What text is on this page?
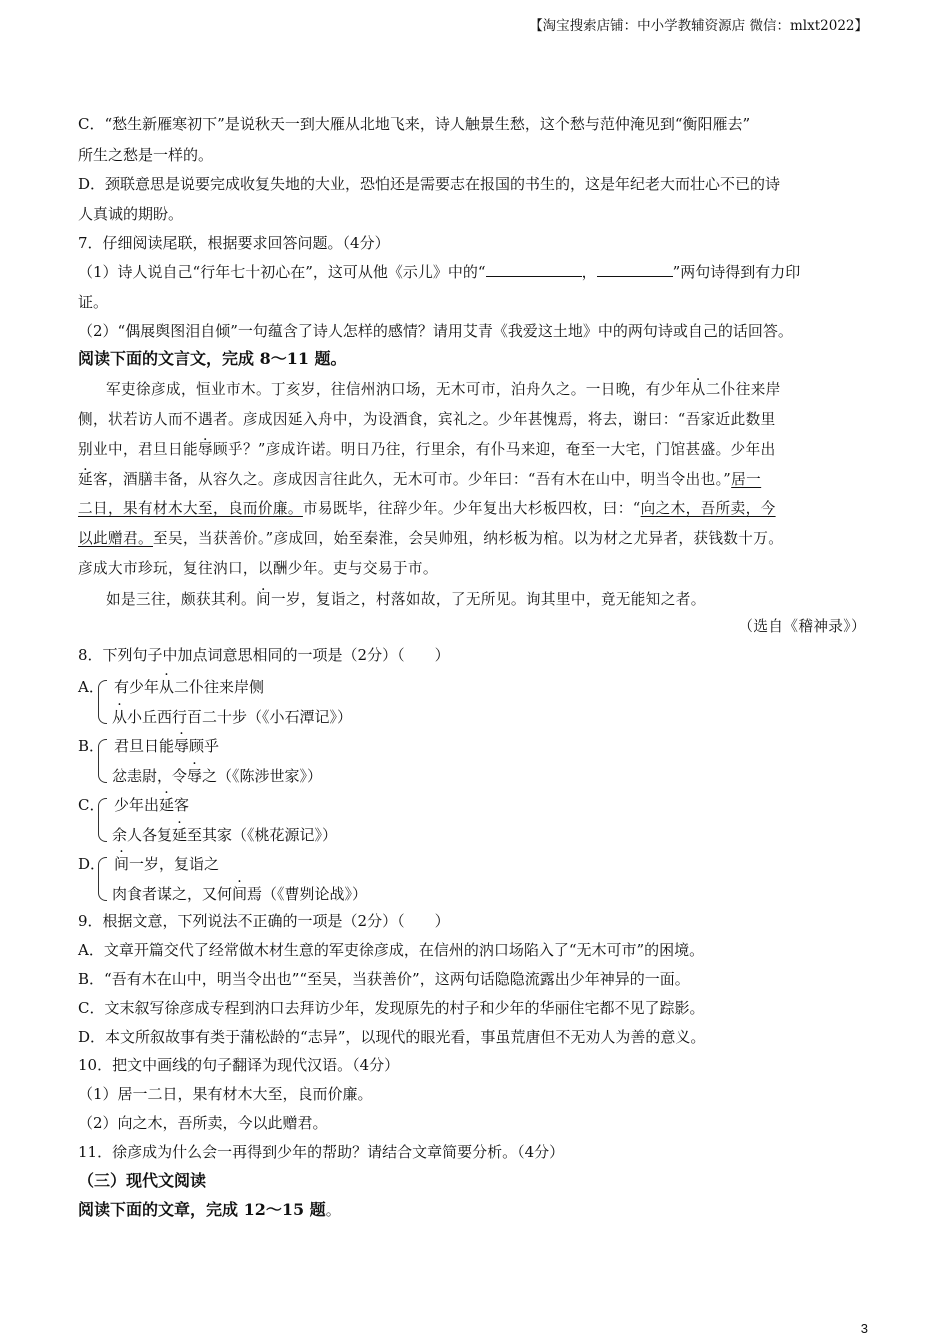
【淘宝搜索店铺：中小学教辅资源店 微信：mlxt2022】
C．“愁生新雁寒初下”是说秋天一到大雁从北地飞来，诗人触景生愁，这个愁与范仲淹见到“衡阳雁去”
所生之愁是一样的。
D．颈联意思是说要完成收复失地的大业，恐怕还是需要志在报国的书生的，这是年纪老大而壮心不已的诗
人真诚的期盼。
7．仔细阅读尾联，根据要求回答问题。（4分）
（1）诗人说自己“行年七十初心在”，这可从他《示儿》中的“	，	”两句诗得到有力印
证。
（2）“偶展舆图泪自倾”一句蕴含了诗人怎样的感情？请用艾青《我爱这土地》中的两句诗或自己的话回答。
阅读下面的文言文，完成 8～11 题。
军吏徐彦成，恒业市木。丁亥岁，往信州汭口场，无木可市，泊舟久之。一日晚，有少年从二仆往来岸
侧，状若访人而不遇者。彦成因延入舟中，为设酒食，宾礼之。少年甚愧焉，将去，谢曰：“吾家近此数里
别业中，君旦日能辱顾乎？”彦成许诺。明日乃往，行里余，有仆马来迎，奄至一大宅，门馆甚盛。少年出
延客，酒膳丰备，从容久之。彦成因言往此久，无木可市。少年曰：“吾有木在山中，明当令出也。”居一
二日，果有材木大至，良而价廉。市易既毕，往辞少年。少年复出大杉板四枚，曰：“向之木，吾所卖，今
以此赠君。至吴，当获善价。”彦成回，始至秦淮，会吴帅殂，纳杉板为棺。以为材之尤异者，获钱数十万。
彦成大市珍玩，复往汭口，以酬少年。吏与交易于市。
如是三往，颇获其利。间一岁，复诣之，村落如故，了无所见。询其里中，竟无能知之者。
（选自《稽神录》）
8．下列句子中加点词意思相同的一项是（2分）（　　）
A． 有少年从二仆往来岸侧
从小丘西行百二十步（《小石潭记》）
B． 君旦日能辱顾乎
忿恚尉，令辱之（《陈涉世家》）
C． 少年出延客
余人各复延至其家（《桃花源记》）
D． 间一岁，复诣之
肉食者谋之，又何间焉（《曹刿论战》）
9．根据文意，下列说法不正确的一项是（2分）（　　）
A．文章开篇交代了经常做木材生意的军吏徐彦成，在信州的汭口场陷入了“无木可市”的困境。
B．“吾有木在山中，明当令出也”“至吴，当获善价”，这两句话隐隐流露出少年神异的一面。
C．文末叙写徐彦成专程到汭口去拜访少年，发现原先的村子和少年的华丽住宅都不见了踪影。
D．本文所叙故事有类于蒲松龄的“志异”，以现代的眼光看，事虽荒唐但不无劝人为善的意义。
10．把文中画线的句子翻译为现代汉语。（4分）
（1）居一二日，果有材木大至，良而价廉。
（2）向之木，吾所卖，今以此赠君。
11．徐彦成为什么会一再得到少年的帮助？请结合文章简要分析。（4分）
（三）现代文阅读
阅读下面的文章，完成 12～15 题。
3
